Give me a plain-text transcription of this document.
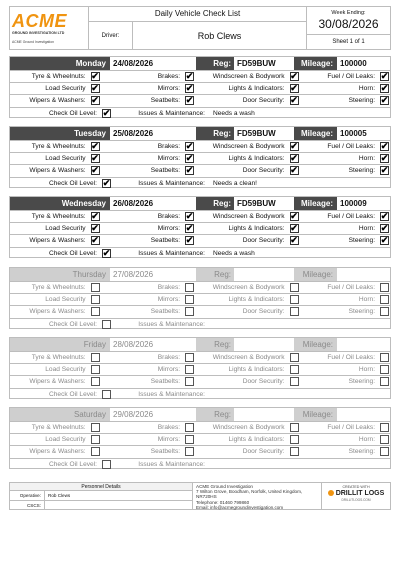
ACME
GROUND INVESTIGATION LTD
ACME Ground Investigation
Daily Vehicle Check List
Driver:	Rob Clews
Week Ending:
30/08/2026
Sheet 1 of 1
Monday 24/08/2026	Reg: FD59BUW	Mileage: 100000
Tyre & Wheelnuts: ✔	Brakes: ✔	Windscreen & Bodywork ✔	Fuel / Oil Leaks: ✔
Load Security ✔	Mirrors: ✔	Lights & Indicators: ✔	Horn: ✔
Wipers & Washers: ✔	Seatbelts: ✔	Door Security: ✔	Steering: ✔
Check Oil Level: ✔	Issues & Maintenance:	Needs a wash
Tuesday 25/08/2026	Reg: FD59BUW	Mileage: 100005
Tyre & Wheelnuts: ✔	Brakes: ✔	Windscreen & Bodywork ✔	Fuel / Oil Leaks: ✔
Load Security ✔	Mirrors: ✔	Lights & Indicators: ✔	Horn: ✔
Wipers & Washers: ✔	Seatbelts: ✔	Door Security: ✔	Steering: ✔
Check Oil Level: ✔	Issues & Maintenance:	Needs a clean!
Wednesday 26/08/2026	Reg: FD59BUW	Mileage: 100009
Tyre & Wheelnuts: ✔	Brakes: ✔	Windscreen & Bodywork ✔	Fuel / Oil Leaks: ✔
Load Security ✔	Mirrors: ✔	Lights & Indicators: ✔	Horn: ✔
Wipers & Washers: ✔	Seatbelts: ✔	Door Security: ✔	Steering: ✔
Check Oil Level: ✔	Issues & Maintenance:	Needs a wash
Thursday 27/08/2026	Reg:	Mileage:
Tyre & Wheelnuts:	Brakes:	Windscreen & Bodywork	Fuel / Oil Leaks:
Load Security	Mirrors:	Lights & Indicators:	Horn:
Wipers & Washers:	Seatbelts:	Door Security:	Steering:
Check Oil Level:	Issues & Maintenance:
Friday 28/08/2026	Reg:	Mileage:
Tyre & Wheelnuts:	Brakes:	Windscreen & Bodywork	Fuel / Oil Leaks:
Load Security	Mirrors:	Lights & Indicators:	Horn:
Wipers & Washers:	Seatbelts:	Door Security:	Steering:
Check Oil Level:	Issues & Maintenance:
Saturday 29/08/2026	Reg:	Mileage:
Tyre & Wheelnuts:	Brakes:	Windscreen & Bodywork	Fuel / Oil Leaks:
Load Security	Mirrors:	Lights & Indicators:	Horn:
Wipers & Washers:	Seatbelts:	Door Security:	Steering:
Check Oil Level:	Issues & Maintenance:
Personnel Details
Operative:	Rob Clews
CSCS:
ACME Ground Investigation
7 Wilton Grove, Boodham, Norfolk, United Kingdom, NR720HS
Telephone: 01460 799860
Email: info@acmegroundinvestigation.com
CREATED WITH
DRILLIT LOGS
DRILLITLOGS.COM
